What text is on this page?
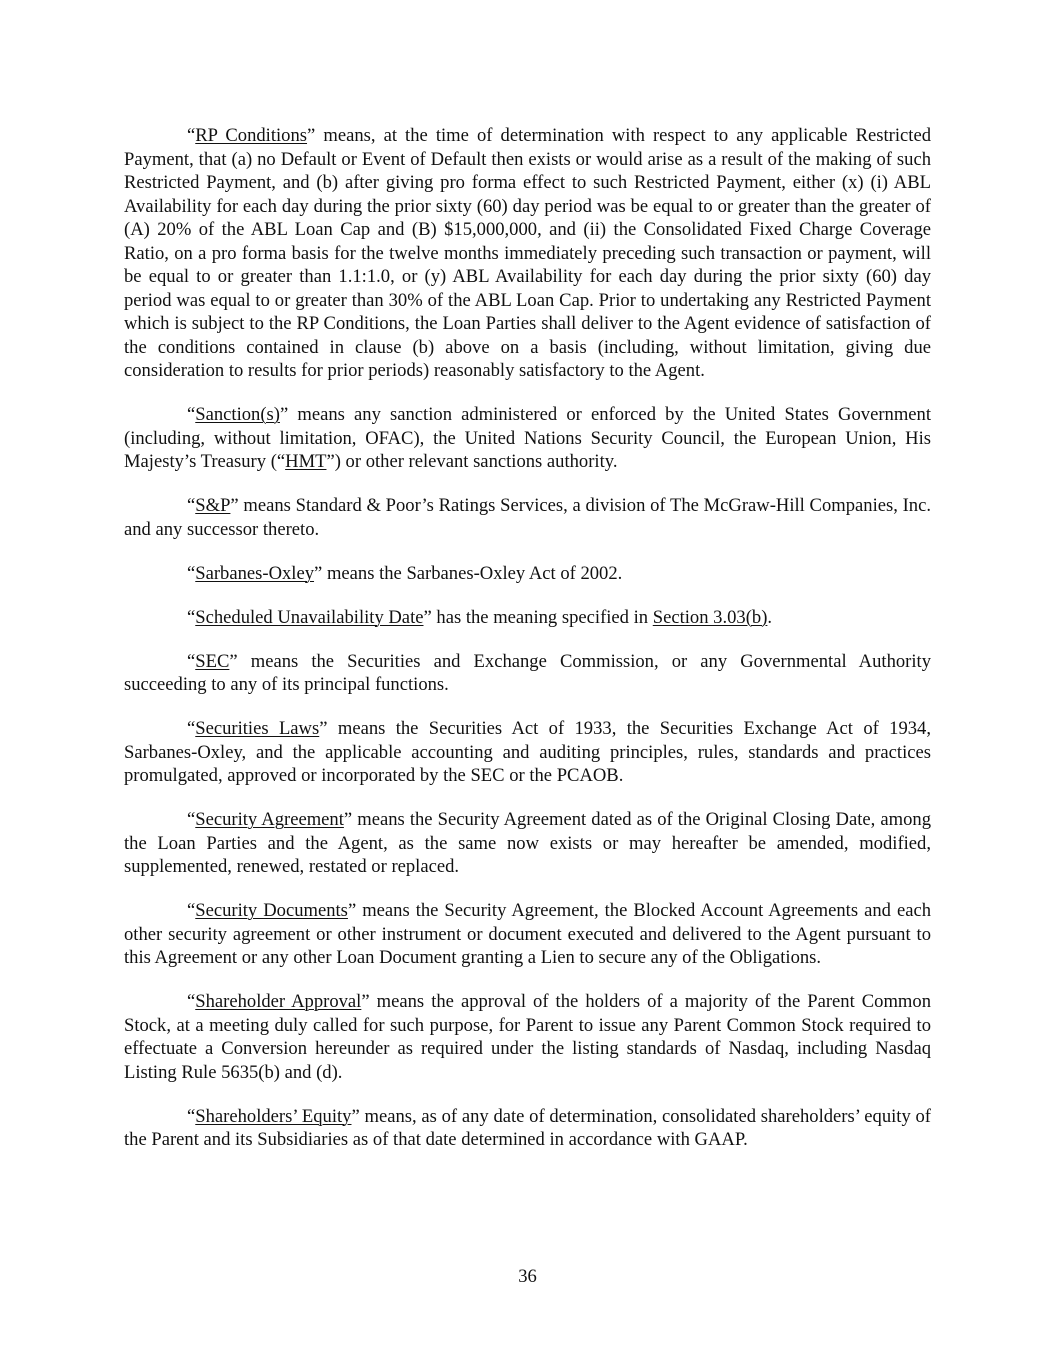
“RP Conditions” means, at the time of determination with respect to any applicable Restricted Payment, that (a) no Default or Event of Default then exists or would arise as a result of the making of such Restricted Payment, and (b) after giving pro forma effect to such Restricted Payment, either (x) (i) ABL Availability for each day during the prior sixty (60) day period was be equal to or greater than the greater of (A) 20% of the ABL Loan Cap and (B) $15,000,000, and (ii) the Consolidated Fixed Charge Coverage Ratio, on a pro forma basis for the twelve months immediately preceding such transaction or payment, will be equal to or greater than 1.1:1.0, or (y) ABL Availability for each day during the prior sixty (60) day period was equal to or greater than 30% of the ABL Loan Cap. Prior to undertaking any Restricted Payment which is subject to the RP Conditions, the Loan Parties shall deliver to the Agent evidence of satisfaction of the conditions contained in clause (b) above on a basis (including, without limitation, giving due consideration to results for prior periods) reasonably satisfactory to the Agent.

“Sanction(s)” means any sanction administered or enforced by the United States Government (including, without limitation, OFAC), the United Nations Security Council, the European Union, His Majesty’s Treasury (“HMT”) or other relevant sanctions authority.

“S&P” means Standard & Poor’s Ratings Services, a division of The McGraw-Hill Companies, Inc. and any successor thereto.

“Sarbanes-Oxley” means the Sarbanes-Oxley Act of 2002.

“Scheduled Unavailability Date” has the meaning specified in Section 3.03(b).

“SEC” means the Securities and Exchange Commission, or any Governmental Authority succeeding to any of its principal functions.

“Securities Laws” means the Securities Act of 1933, the Securities Exchange Act of 1934, Sarbanes-Oxley, and the applicable accounting and auditing principles, rules, standards and practices promulgated, approved or incorporated by the SEC or the PCAOB.

“Security Agreement” means the Security Agreement dated as of the Original Closing Date, among the Loan Parties and the Agent, as the same now exists or may hereafter be amended, modified, supplemented, renewed, restated or replaced.

“Security Documents” means the Security Agreement, the Blocked Account Agreements and each other security agreement or other instrument or document executed and delivered to the Agent pursuant to this Agreement or any other Loan Document granting a Lien to secure any of the Obligations.

“Shareholder Approval” means the approval of the holders of a majority of the Parent Common Stock, at a meeting duly called for such purpose, for Parent to issue any Parent Common Stock required to effectuate a Conversion hereunder as required under the listing standards of Nasdaq, including Nasdaq Listing Rule 5635(b) and (d).

“Shareholders’ Equity” means, as of any date of determination, consolidated shareholders’ equity of the Parent and its Subsidiaries as of that date determined in accordance with GAAP.

36
